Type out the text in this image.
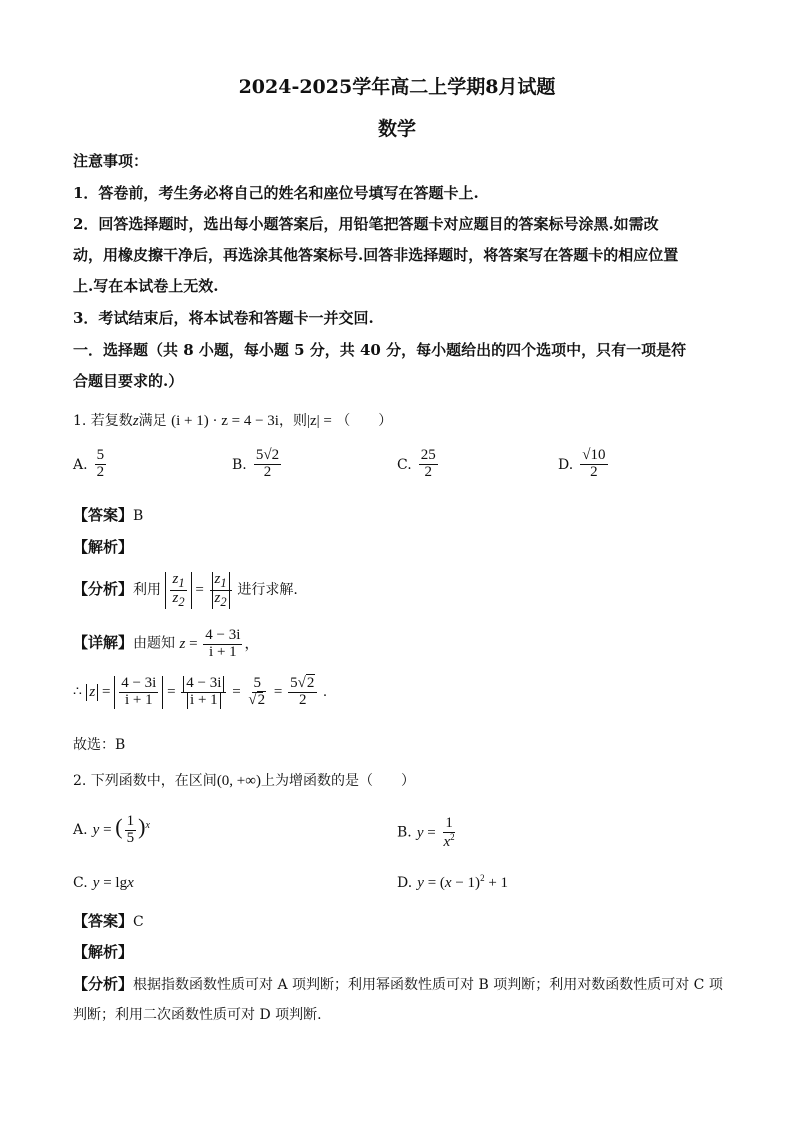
2024-2025学年高二上学期8月试题
数学
注意事项：
1．答卷前，考生务必将自己的姓名和座位号填写在答题卡上.
2．回答选择题时，选出每小题答案后，用铅笔把答题卡对应题目的答案标号涂黑.如需改
动，用橡皮擦干净后，再选涂其他答案标号.回答非选择题时，将答案写在答题卡的相应位置
上.写在本试卷上无效.
3．考试结束后，将本试卷和答题卡一并交回.
一．选择题（共 8 小题，每小题 5 分，共 40 分，每小题给出的四个选项中，只有一项是符
合题目要求的.）
1. 若复数z满足 (i + 1) · z = 4 − 3i，则|z| = （　　）
A. $\frac{5}{2}$	B. $\frac{5√2}{2}$	C. $\frac{25}{2}$	D. $\frac{√10}{2}$
【答案】B
【解析】
【分析】利用 $\frac{z_1}{z_2} = \frac{z_1}{z_2}$ 进行求解.
【详解】由题知 $z = \frac{4 - 3i}{i + 1}$ ，
∴ $z = \frac{4 - 3i}{i + 1} = \frac{4 - 3i}{i + 1} = \frac{5}{√2} = \frac{5√2}{2}$ .
故选：B
2. 下列函数中，在区间(0, +∞)上为增函数的是（　　）
A. y = ( $\frac{1}{5} )^x$	B. $y = \frac{1}{x^2}$
C. y = lgx	D. $y = (x - 1)^2 + 1$
【答案】C
【解析】
【分析】根据指数函数性质可对 A 项判断；利用幂函数性质可对 B 项判断；利用对数函数性质可对 C 项
判断；利用二次函数性质可对 D 项判断.
